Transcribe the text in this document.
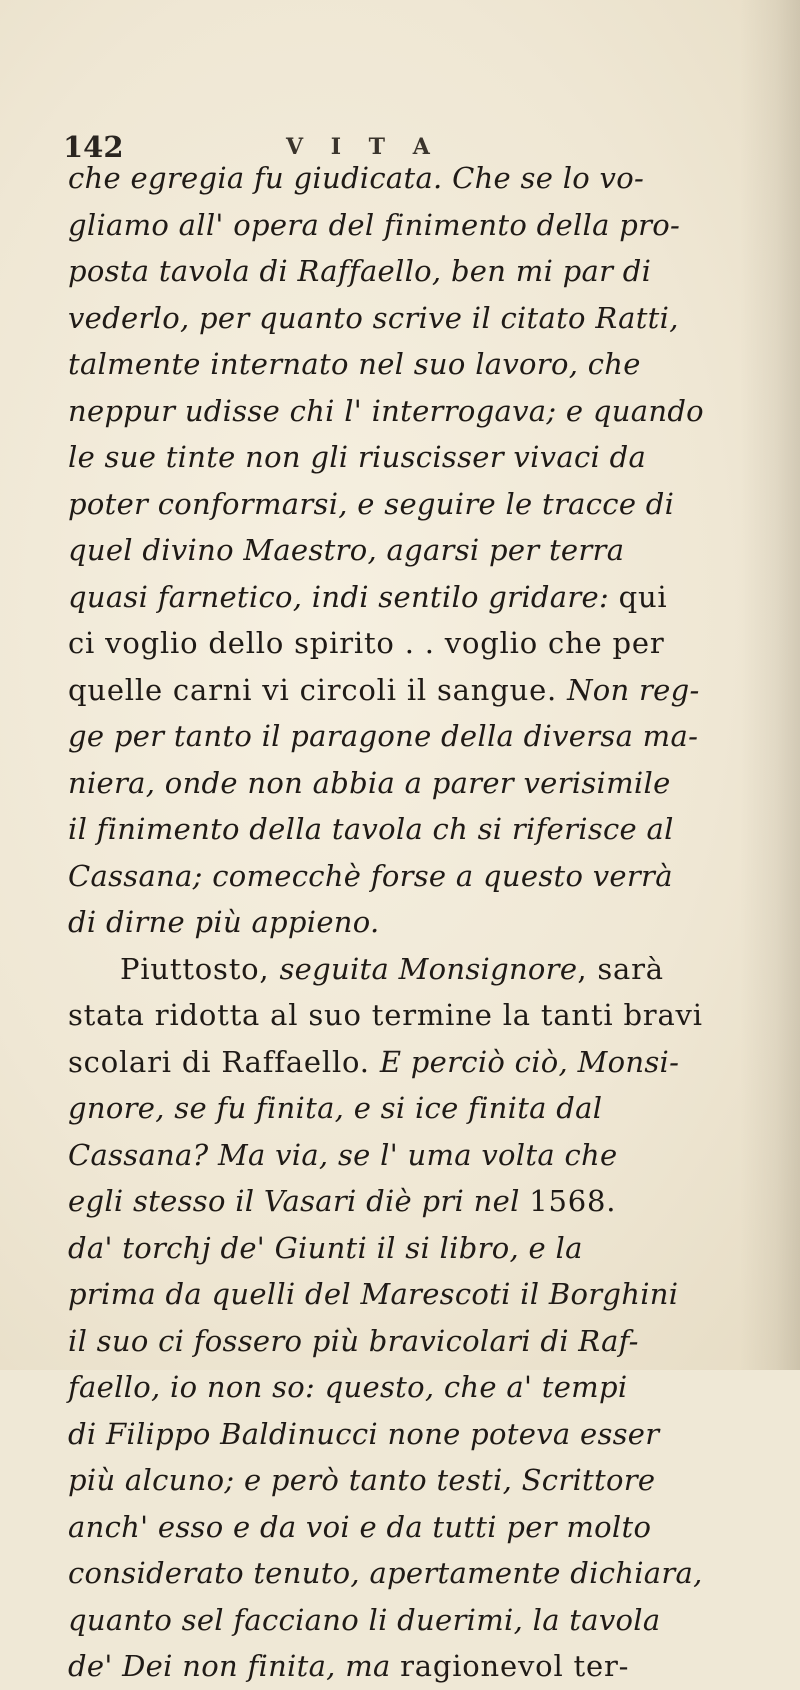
142	V I T A
che egregia fu giudicata. Che se lo vo-
gliamo all' opera del finimento della pro-
posta tavola di Raffaello, ben mi par di
vederlo, per quanto scrive il citato Ratti,
talmente internato nel suo lavoro, che
neppur udisse chi l' interrogava; e quando
le sue tinte non gli riuscisser vivaci da
poter conformarsi, e seguire le tracce di
quel divino Maestro, agarsi per terra
quasi farnetico, indi sentilo gridare: qui
ci voglio dello spirito . . voglio che per
quelle carni vi circoli il sangue. Non reg-
ge per tanto il paragone della diversa ma-
niera, onde non abbia a parer verisimile
il finimento della tavola ch si riferisce al
Cassana; comecchè forse a questo verrà
di dirne più appieno.
Piuttosto, seguita Monsignore, sarà
stata ridotta al suo termine la tanti bravi
scolari di Raffaello. E perciò ciò, Monsi-
gnore, se fu finita, e si ice finita dal
Cassana? Ma via, se l' uma volta che
egli stesso il Vasari diè pri nel 1568.
da' torchj de' Giunti il si libro, e la
prima da quelli del Marescoti il Borghini
il suo ci fossero più bravicolari di Raf-
faello, io non so: questo, che a' tempi
di Filippo Baldinucci none poteva esser
più alcuno; e però tanto testi, Scrittore
anch' esso e da voi e da tutti per molto
considerato tenuto, apertamente dichiara,
quanto sel facciano li duerimi, la tavola
de' Dei non finita, ma ragionevol ter-
